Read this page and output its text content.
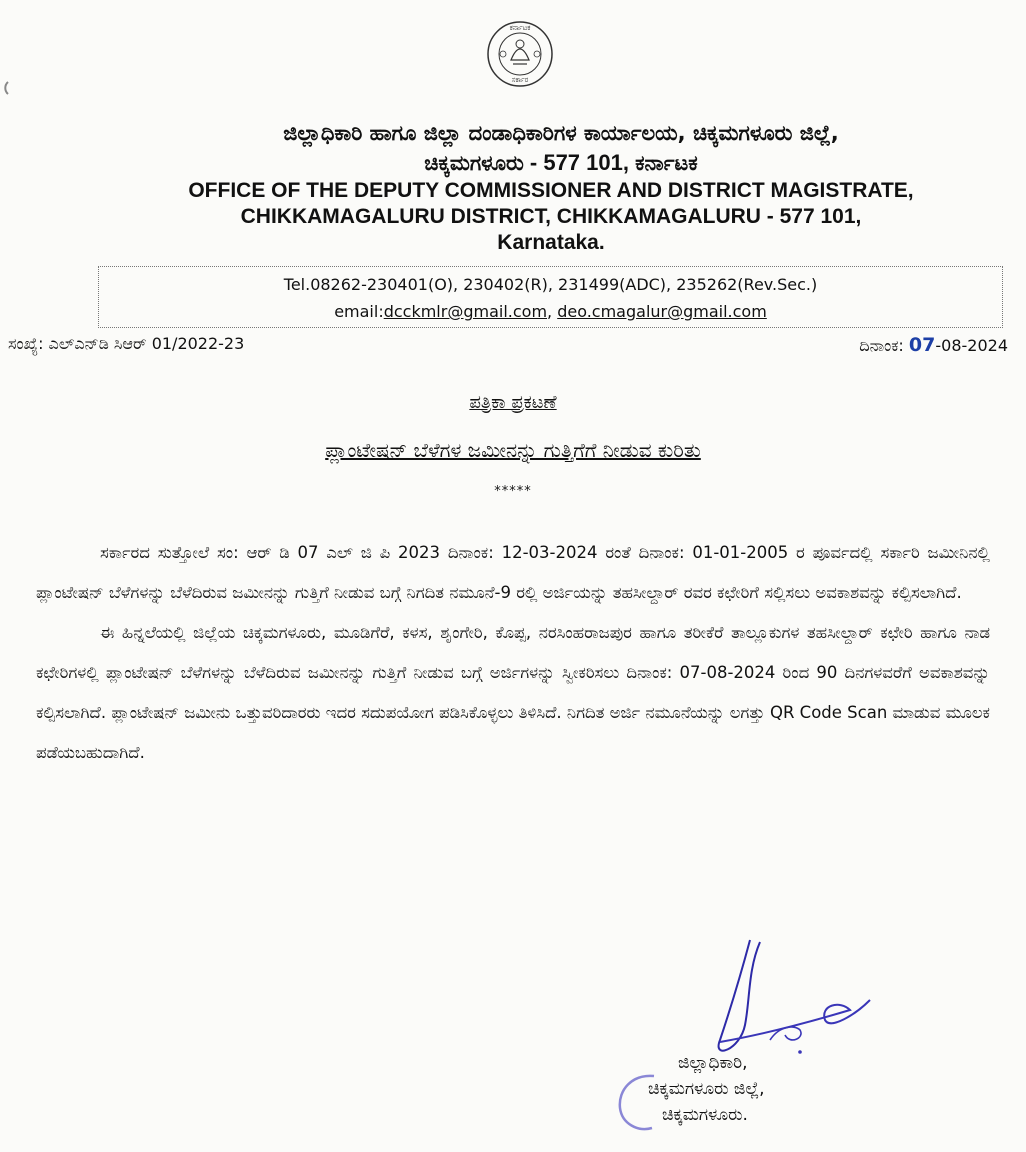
ಕರ್ನಾಟಕ
ಸರ್ಕಾರ
ಜಿಲ್ಲಾಧಿಕಾರಿ ಹಾಗೂ ಜಿಲ್ಲಾ ದಂಡಾಧಿಕಾರಿಗಳ ಕಾರ್ಯಾಲಯ, ಚಿಕ್ಕಮಗಳೂರು ಜಿಲ್ಲೆ,
ಚಿಕ್ಕಮಗಳೂರು - 577 101, ಕರ್ನಾಟಕ
OFFICE OF THE DEPUTY COMMISSIONER AND DISTRICT MAGISTRATE,
CHIKKAMAGALURU DISTRICT, CHIKKAMAGALURU - 577 101,
Karnataka.
Tel.08262-230401(O), 230402(R), 231499(ADC), 235262(Rev.Sec.)
email:dcckmlr@gmail.com, deo.cmagalur@gmail.com
ಸಂಖ್ಯೆ: ಎಲ್‌ಎನ್‌ಡಿ ಸಿಆರ್ 01/2022-23	ದಿನಾಂಕ: 07-08-2024
ಪತ್ರಿಕಾ ಪ್ರಕಟಣೆ
ಪ್ಲಾಂಟೇಷನ್ ಬೆಳೆಗಳ ಜಮೀನನ್ನು ಗುತ್ತಿಗೆಗೆ ನೀಡುವ ಕುರಿತು
*****

ಸರ್ಕಾರದ ಸುತ್ತೋಲೆ ಸಂ: ಆರ್ ಡಿ 07 ಎಲ್ ಜಿ ಪಿ 2023 ದಿನಾಂಕ: 12-03-2024 ರಂತೆ ದಿನಾಂಕ: 01-01-2005 ರ ಪೂರ್ವದಲ್ಲಿ ಸರ್ಕಾರಿ ಜಮೀನಿನಲ್ಲಿ ಪ್ಲಾಂಟೇಷನ್ ಬೆಳೆಗಳನ್ನು ಬೆಳೆದಿರುವ ಜಮೀನನ್ನು ಗುತ್ತಿಗೆ ನೀಡುವ ಬಗ್ಗೆ ನಿಗದಿತ ನಮೂನೆ-9 ರಲ್ಲಿ ಅರ್ಜಿಯನ್ನು ತಹಸೀಲ್ದಾರ್ ರವರ ಕಛೇರಿಗೆ ಸಲ್ಲಿಸಲು ಅವಕಾಶವನ್ನು ಕಲ್ಪಿಸಲಾಗಿದೆ.

ಈ ಹಿನ್ನಲೆಯಲ್ಲಿ ಜಿಲ್ಲೆಯ ಚಿಕ್ಕಮಗಳೂರು, ಮೂಡಿಗೆರೆ, ಕಳಸ, ಶೃಂಗೇರಿ, ಕೊಪ್ಪ, ನರಸಿಂಹರಾಜಪುರ ಹಾಗೂ ತರೀಕೆರೆ ತಾಲ್ಲೂಕುಗಳ ತಹಸೀಲ್ದಾರ್ ಕಛೇರಿ ಹಾಗೂ ನಾಡ ಕಛೇರಿಗಳಲ್ಲಿ ಪ್ಲಾಂಟೇಷನ್ ಬೆಳೆಗಳನ್ನು ಬೆಳೆದಿರುವ ಜಮೀನನ್ನು ಗುತ್ತಿಗೆ ನೀಡುವ ಬಗ್ಗೆ ಅರ್ಜಿಗಳನ್ನು ಸ್ವೀಕರಿಸಲು ದಿನಾಂಕ: 07-08-2024 ರಿಂದ 90 ದಿನಗಳವರೆಗೆ ಅವಕಾಶವನ್ನು ಕಲ್ಪಿಸಲಾಗಿದೆ. ಪ್ಲಾಂಟೇಷನ್ ಜಮೀನು ಒತ್ತುವರಿದಾರರು ಇದರ ಸದುಪಯೋಗ ಪಡಿಸಿಕೊಳ್ಳಲು ತಿಳಿಸಿದೆ. ನಿಗದಿತ ಅರ್ಜಿ ನಮೂನೆಯನ್ನು ಲಗತ್ತು QR Code Scan ಮಾಡುವ ಮೂಲಕ ಪಡೆಯಬಹುದಾಗಿದೆ.

ಜಿಲ್ಲಾಧಿಕಾರಿ,
ಚಿಕ್ಕಮಗಳೂರು ಜಿಲ್ಲೆ,
ಚಿಕ್ಕಮಗಳೂರು.
